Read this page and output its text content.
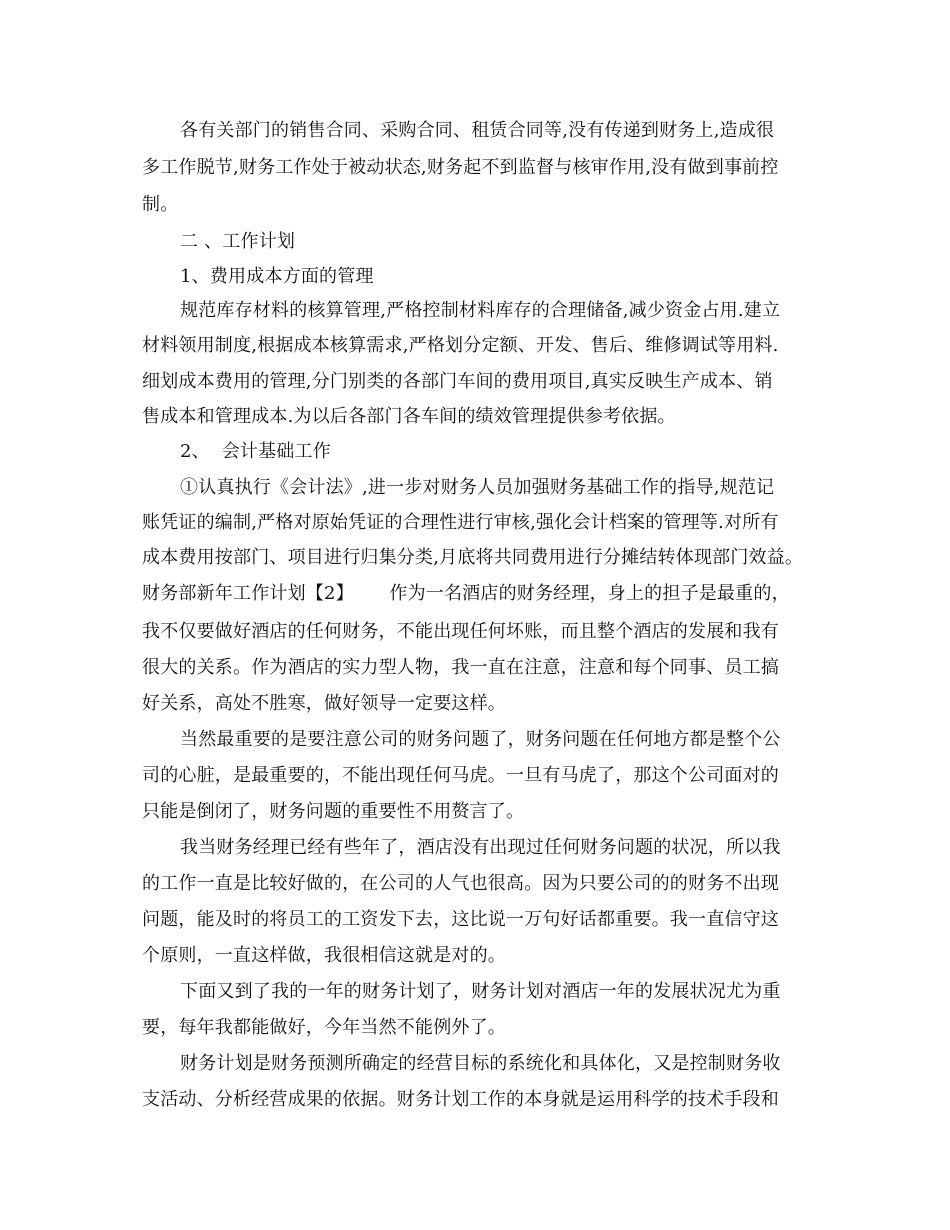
各有关部门的销售合同、采购合同、租赁合同等,没有传递到财务上,造成很
多工作脱节,财务工作处于被动状态,财务起不到监督与核审作用,没有做到事前控
制。
二 、工作计划
1、费用成本方面的管理
规范库存材料的核算管理,严格控制材料库存的合理储备,减少资金占用.建立
材料领用制度,根据成本核算需求,严格划分定额、开发、售后、维修调试等用料.
细划成本费用的管理,分门别类的各部门车间的费用项目,真实反映生产成本、销
售成本和管理成本.为以后各部门各车间的绩效管理提供参考依据。
2、  会计基础工作
①认真执行《会计法》,进一步对财务人员加强财务基础工作的指导,规范记
账凭证的编制,严格对原始凭证的合理性进行审核,强化会计档案的管理等.对所有
成本费用按部门、项目进行归集分类,月底将共同费用进行分摊结转体现部门效益。
财务部新年工作计划【2】      作为一名酒店的财务经理，身上的担子是最重的，
我不仅要做好酒店的任何财务，不能出现任何坏账，而且整个酒店的发展和我有
很大的关系。作为酒店的实力型人物，我一直在注意，注意和每个同事、员工搞
好关系，高处不胜寒，做好领导一定要这样。
当然最重要的是要注意公司的财务问题了，财务问题在任何地方都是整个公
司的心脏，是最重要的，不能出现任何马虎。一旦有马虎了，那这个公司面对的
只能是倒闭了，财务问题的重要性不用赘言了。
我当财务经理已经有些年了，酒店没有出现过任何财务问题的状况，所以我
的工作一直是比较好做的，在公司的人气也很高。因为只要公司的的财务不出现
问题，能及时的将员工的工资发下去，这比说一万句好话都重要。我一直信守这
个原则，一直这样做，我很相信这就是对的。
下面又到了我的一年的财务计划了，财务计划对酒店一年的发展状况尤为重
要，每年我都能做好，今年当然不能例外了。
财务计划是财务预测所确定的经营目标的系统化和具体化，又是控制财务收
支活动、分析经营成果的依据。财务计划工作的本身就是运用科学的技术手段和
